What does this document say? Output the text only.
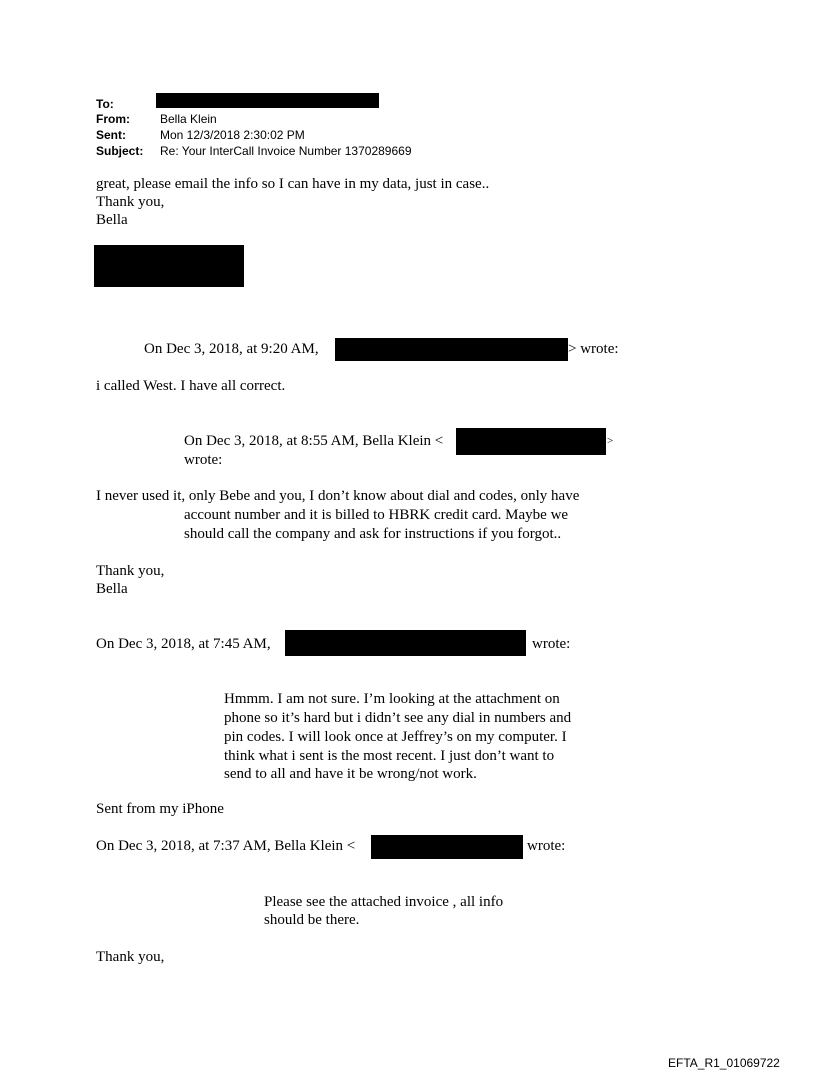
To:
From:	Bella Klein
Sent:	Mon 12/3/2018 2:30:02 PM
Subject: Re: Your InterCall Invoice Number 1370289669
great, please email the info so I can have in my data, just in case..
Thank you,
Bella
On Dec 3, 2018, at 9:20 AM,	> wrote:
i called West. I have all correct.
On Dec 3, 2018, at 8:55 AM, Bella Klein <	>
wrote:
I never used it, only Bebe and you, I don’t know about dial and codes, only have
account number and it is billed to HBRK credit card. Maybe we
should call the company and ask for instructions if you forgot..
Thank you,
Bella
On Dec 3, 2018, at 7:45 AM,	wrote:
Hmmm. I am not sure. I’m looking at the attachment on
phone so it’s hard but i didn’t see any dial in numbers and
pin codes. I will look once at Jeffrey’s on my computer. I
think what i sent is the most recent. I just don’t want to
send to all and have it be wrong/not work.
Sent from my iPhone
On Dec 3, 2018, at 7:37 AM, Bella Klein <	wrote:
Please see the attached invoice , all info
should be there.
Thank you,
EFTA_R1_01069722
